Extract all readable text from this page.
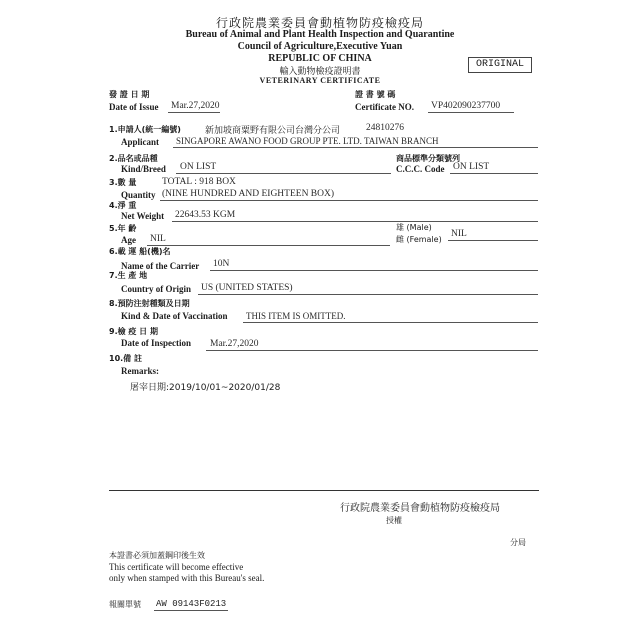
行政院農業委員會動植物防疫檢疫局
Bureau of Animal and Plant Health Inspection and Quarantine
Council of Agriculture,Executive Yuan
REPUBLIC OF CHINA
輸入動物檢疫證明書
VETERINARY CERTIFICATE
ORIGINAL
發 證 日 期
Date of Issue Mar.27,2020
證 書 號 碼
Certificate NO. VP402090237700
1.申請人(統一編號)	新加坡商粟野有限公司台灣分公司	24810276
Applicant SINGAPORE AWANO FOOD GROUP PTE. LTD. TAIWAN BRANCH
2.品名或品種
Kind/Breed ON LIST
商品標準分類號列
C.C.C. Code ON LIST
3.數 量	TOTAL : 918 BOX
Quantity (NINE HUNDRED AND EIGHTEEN BOX)
4.淨 重
Net Weight 22643.53 KGM
5.年 齡
Age NIL
雄 (Male)
雌 (Female)
NIL
6.載 運 船(機)名
Name of the Carrier 10N
7.生 產 地
Country of Origin US (UNITED STATES)
8.預防注射種類及日期
Kind & Date of Vaccination THIS ITEM IS OMITTED.
9.檢 疫 日 期
Date of Inspection Mar.27,2020
10.備 註
Remarks:
屠宰日期:2019/10/01~2020/01/28
行政院農業委員會動植物防疫檢疫局
授權
分局
本證書必須加蓋鋼印後生效
This certificate will become effective
only when stamped with this Bureau's seal.
報關單號 AW 09143F0213
